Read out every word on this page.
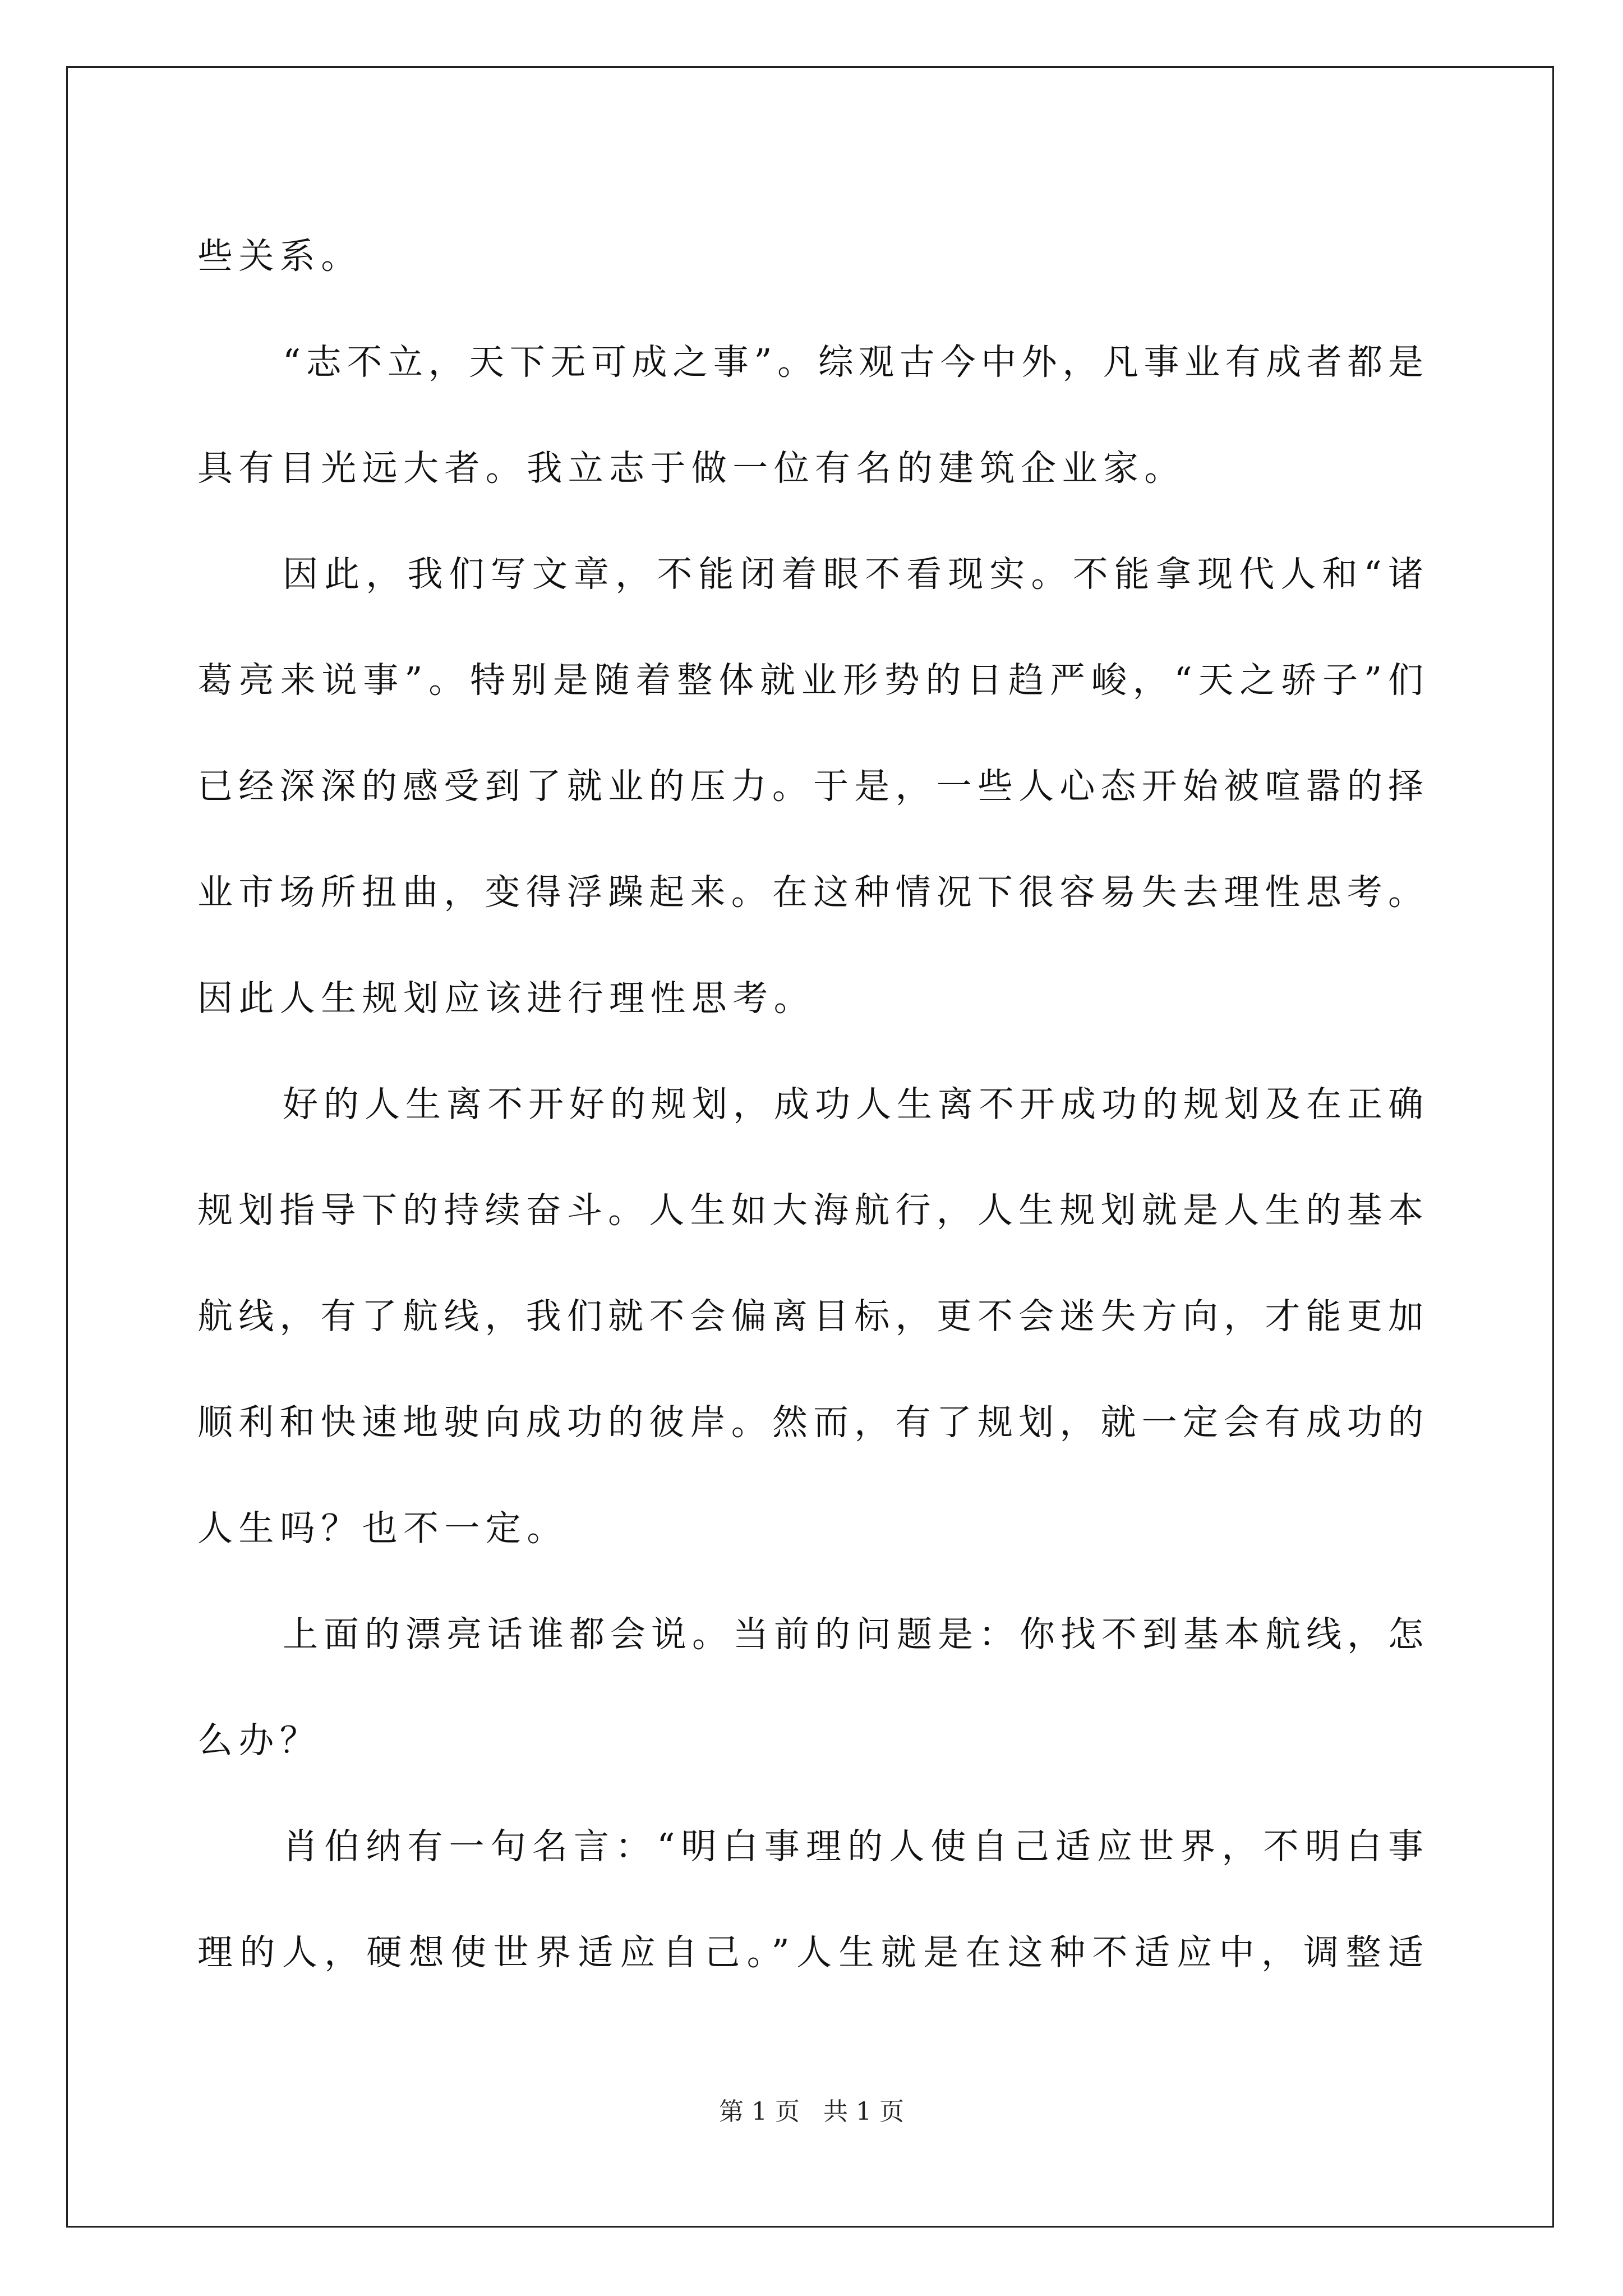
些关系。
“志不立，天下无可成之事”。综观古今中外，凡事业有成者都是
具有目光远大者。我立志于做一位有名的建筑企业家。
因此，我们写文章，不能闭着眼不看现实。不能拿现代人和“诸
葛亮来说事”。特别是随着整体就业形势的日趋严峻，“天之骄子”们
已经深深的感受到了就业的压力。于是，一些人心态开始被喧嚣的择
业市场所扭曲，变得浮躁起来。在这种情况下很容易失去理性思考。
因此人生规划应该进行理性思考。
好的人生离不开好的规划，成功人生离不开成功的规划及在正确
规划指导下的持续奋斗。人生如大海航行，人生规划就是人生的基本
航线，有了航线，我们就不会偏离目标，更不会迷失方向，才能更加
顺利和快速地驶向成功的彼岸。然而，有了规划，就一定会有成功的
人生吗？也不一定。
上面的漂亮话谁都会说。当前的问题是：你找不到基本航线，怎
么办？
肖伯纳有一句名言：“明白事理的人使自己适应世界，不明白事
理的人，硬想使世界适应自己。”人生就是在这种不适应中，调整适
第 1 页   共 1 页
